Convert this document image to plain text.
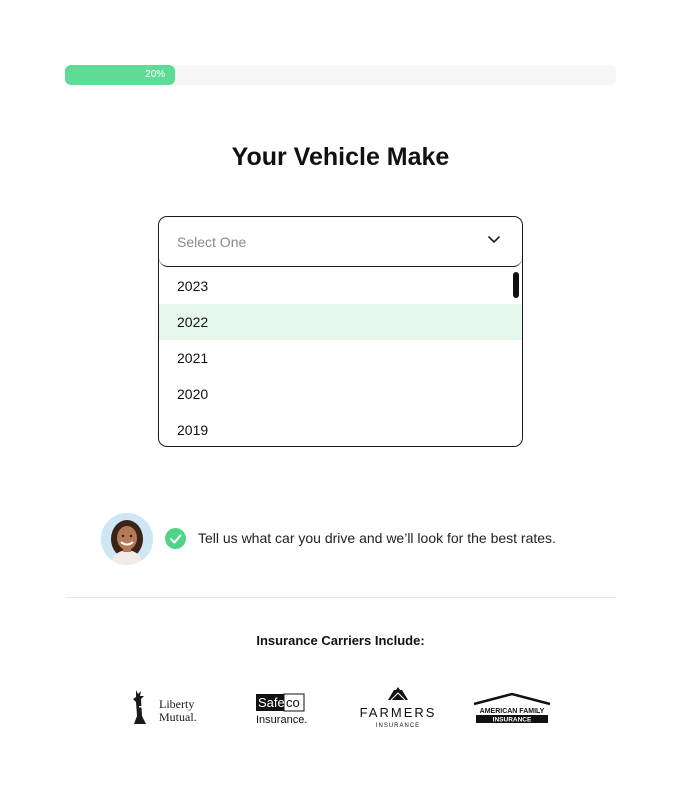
20%
Your Vehicle Make
Select One
2023
2022
2021
2020
2019
Tell us what car you drive and we’ll look for the best rates.
Insurance Carriers Include:
Liberty
Mutual.
Safe co
Insurance.	FARMERS
INSURANCE
AMERICAN FAMILY
INSURANCE
